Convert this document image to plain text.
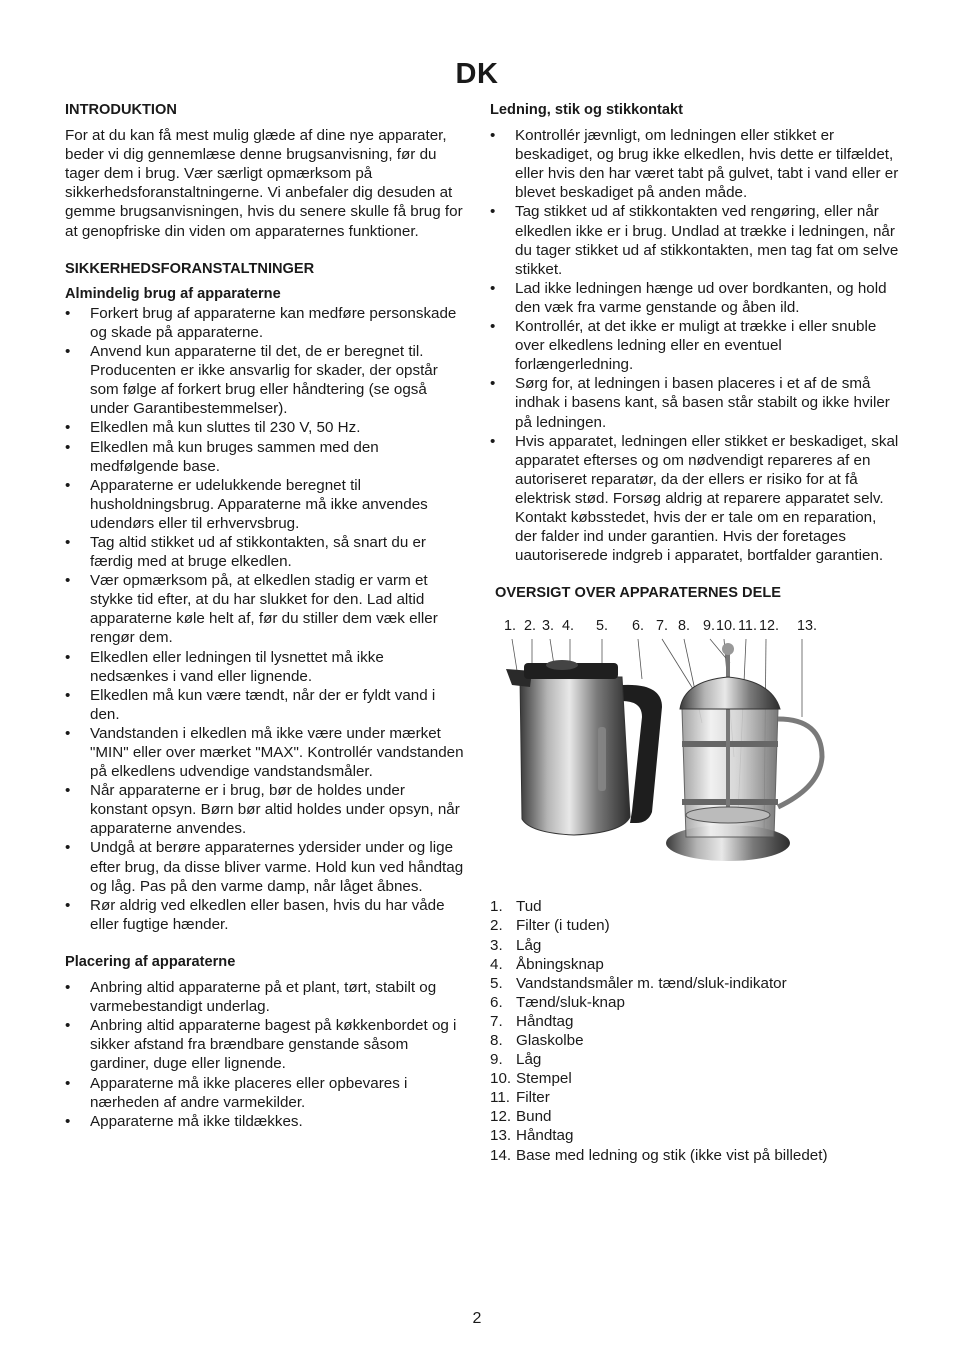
DK
INTRODUKTION

For at du kan få mest mulig glæde af dine nye apparater, beder vi dig gennemlæse denne brugsanvisning, før du tager dem i brug. Vær særligt opmærksom på sikkerhedsforanstaltningerne. Vi anbefaler dig desuden at gemme brugsanvisningen, hvis du senere skulle få brug for at genopfriske din viden om apparaternes funktioner.

SIKKERHEDSFORANSTALTNINGER
Almindelig brug af apparaterne
• Forkert brug af apparaterne kan medføre personskade og skade på apparaterne.
• Anvend kun apparaterne til det, de er beregnet til. Producenten er ikke ansvarlig for skader, der opstår som følge af forkert brug eller håndtering (se også under Garantibestemmelser).
• Elkedlen må kun sluttes til 230 V, 50 Hz.
• Elkedlen må kun bruges sammen med den medfølgende base.
• Apparaterne er udelukkende beregnet til husholdningsbrug. Apparaterne må ikke anvendes udendørs eller til erhvervsbrug.
• Tag altid stikket ud af stikkontakten, så snart du er færdig med at bruge elkedlen.
• Vær opmærksom på, at elkedlen stadig er varm et stykke tid efter, at du har slukket for den. Lad altid apparaterne køle helt af, før du stiller dem væk eller rengør dem.
• Elkedlen eller ledningen til lysnettet må ikke nedsænkes i vand eller lignende.
• Elkedlen må kun være tændt, når der er fyldt vand i den.
• Vandstanden i elkedlen må ikke være under mærket "MIN" eller over mærket "MAX". Kontrollér vandstanden på elkedlens udvendige vandstandsmåler.
• Når apparaterne er i brug, bør de holdes under konstant opsyn. Børn bør altid holdes under opsyn, når apparaterne anvendes.
• Undgå at berøre apparaternes ydersider under og lige efter brug, da disse bliver varme. Hold kun ved håndtag og låg. Pas på den varme damp, når låget åbnes.
• Rør aldrig ved elkedlen eller basen, hvis du har våde eller fugtige hænder.
Placering af apparaterne
• Anbring altid apparaterne på et plant, tørt, stabilt og varmebestandigt underlag.
• Anbring altid apparaterne bagest på køkkenbordet og i sikker afstand fra brændbare genstande såsom gardiner, duge eller lignende.
• Apparaterne må ikke placeres eller opbevares i nærheden af andre varmekilder.
• Apparaterne må ikke tildækkes.
Ledning, stik og stikkontakt
• Kontrollér jævnligt, om ledningen eller stikket er beskadiget, og brug ikke elkedlen, hvis dette er tilfældet, eller hvis den har været tabt på gulvet, tabt i vand eller er blevet beskadiget på anden måde.
• Tag stikket ud af stikkontakten ved rengøring, eller når elkedlen ikke er i brug. Undlad at trække i ledningen, når du tager stikket ud af stikkontakten, men tag fat om selve stikket.
• Lad ikke ledningen hænge ud over bordkanten, og hold den væk fra varme genstande og åben ild.
• Kontrollér, at det ikke er muligt at trække i eller snuble over elkedlens ledning eller en eventuel forlængerledning.
• Sørg for, at ledningen i basen placeres i et af de små indhak i basens kant, så basen står stabilt og ikke hviler på ledningen.
• Hvis apparatet, ledningen eller stikket er beskadiget, skal apparatet efterses og om nødvendigt repareres af en autoriseret reparatør, da der ellers er risiko for at få elektrisk stød. Forsøg aldrig at reparere apparatet selv. Kontakt købsstedet, hvis der er tale om en reparation, der falder ind under garantien. Hvis der foretages uautoriserede indgreb i apparatet, bortfalder garantien.
OVERSIGT OVER APPARATERNES DELE
1. 2. 3. 4. 5. 6. 7. 8. 9. 10. 11. 12. 13.
1. Tud
2. Filter (i tuden)
3. Låg
4. Åbningsknap
5. Vandstandsmåler m. tænd/sluk-indikator
6. Tænd/sluk-knap
7. Håndtag
8. Glaskolbe
9. Låg
10. Stempel
11. Filter
12. Bund
13. Håndtag
14. Base med ledning og stik (ikke vist på billedet)
2
